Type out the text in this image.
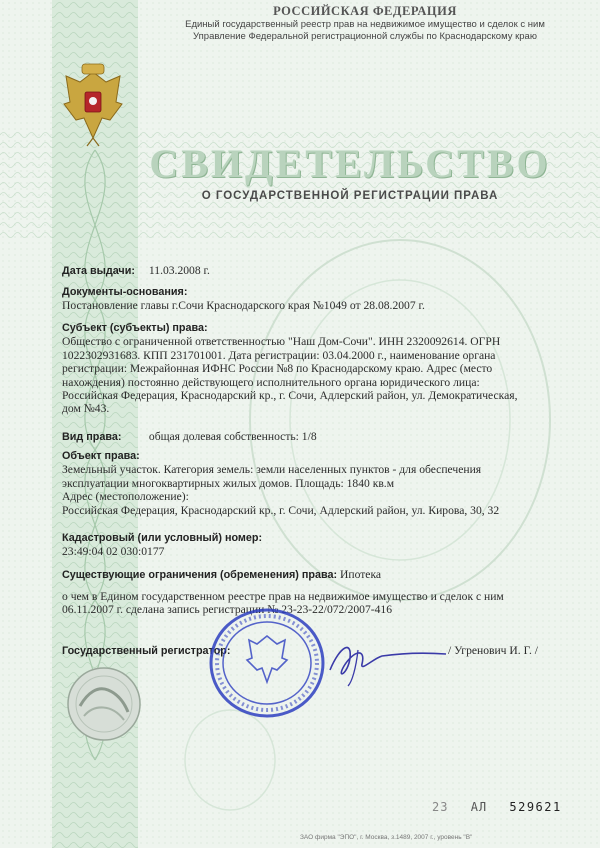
РОССИЙСКАЯ ФЕДЕРАЦИЯ
Единый государственный реестр прав на недвижимое имущество и сделок с ним
Управление Федеральной регистрационной службы по Краснодарскому краю
СВИДЕТЕЛЬСТВО
О ГОСУДАРСТВЕННОЙ РЕГИСТРАЦИИ ПРАВА
Дата выдачи: 11.03.2008 г.
Документы-основания:
Постановление главы г.Сочи Краснодарского края №1049 от 28.08.2007 г.
Субъект (субъекты) права:
Общество с ограниченной ответственностью "Наш Дом-Сочи". ИНН 2320092614. ОГРН
1022302931683. КПП 231701001. Дата регистрации: 03.04.2000 г., наименование органа
регистрации: Межрайонная ИФНС России №8 по Краснодарскому краю. Адрес (место
нахождения) постоянно действующего исполнительного органа юридического лица:
Российская Федерация, Краснодарский кр., г. Сочи, Адлерский район, ул. Демократическая,
дом №43.
Вид права: общая долевая собственность: 1/8
Объект права:
Земельный участок. Категория земель: земли населенных пунктов - для обеспечения
эксплуатации многоквартирных жилых домов. Площадь: 1840 кв.м
Адрес (местоположение):
Российская Федерация, Краснодарский кр., г. Сочи, Адлерский район, ул. Кирова, 30, 32
Кадастровый (или условный) номер:
23:49:04 02 030:0177
Существующие ограничения (обременения) права: Ипотека
о чем в Едином государственном реестре прав на недвижимое имущество и сделок с ним
06.11.2007 г. сделана запись регистрации № 23-23-22/072/2007-416
Государственный регистратор:	/ Угренович И. Г. /
23 АЛ 529621
ЗАО фирма "ЭПО", г. Москва, з.1489, 2007 г., уровень "В"
